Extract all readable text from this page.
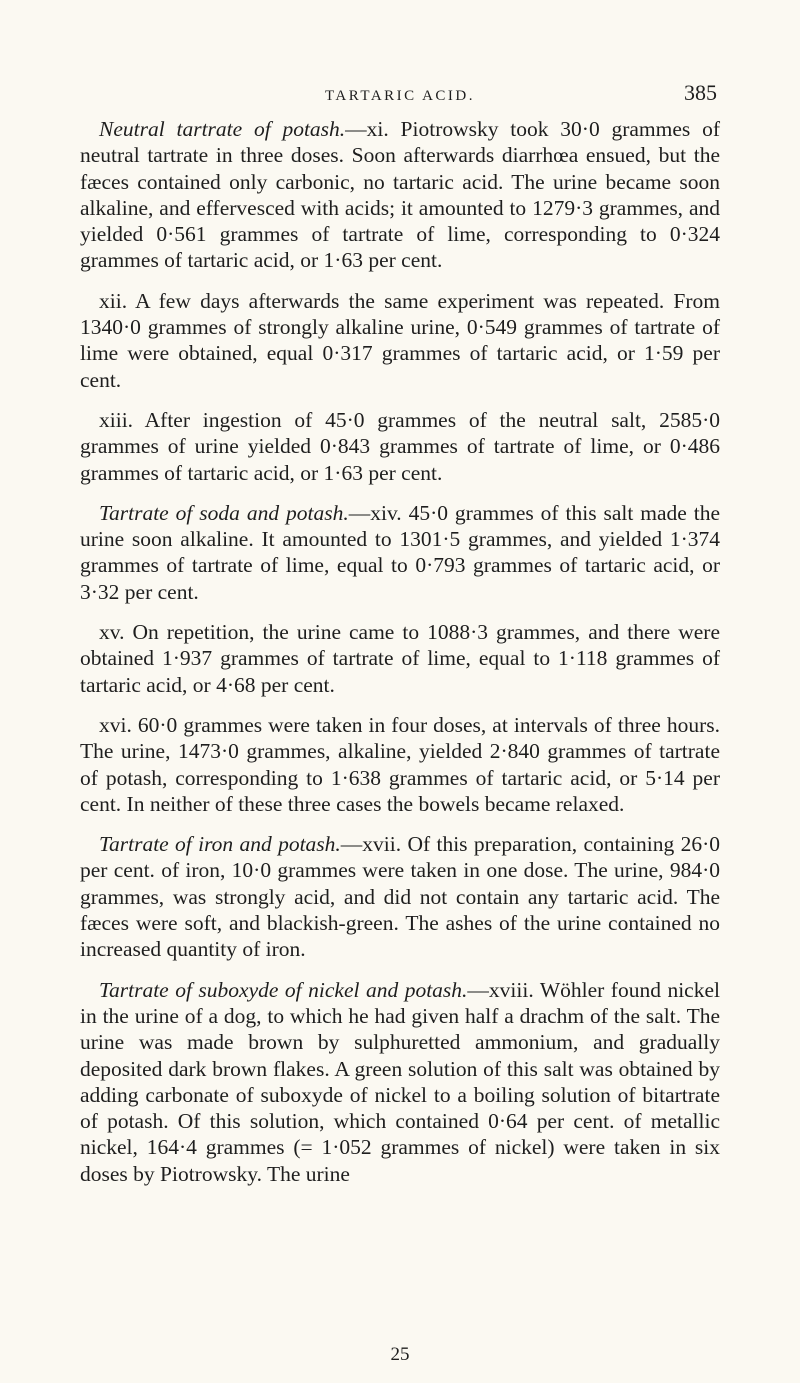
TARTARIC ACID.	385

Neutral tartrate of potash.—xi. Piotrowsky took 30·0 grammes of neutral tartrate in three doses. Soon afterwards diarrhœa ensued, but the fæces contained only carbonic, no tartaric acid. The urine became soon alkaline, and effervesced with acids; it amounted to 1279·3 grammes, and yielded 0·561 grammes of tartrate of lime, corresponding to 0·324 grammes of tartaric acid, or 1·63 per cent.

xii. A few days afterwards the same experiment was repeated. From 1340·0 grammes of strongly alkaline urine, 0·549 grammes of tartrate of lime were obtained, equal 0·317 grammes of tartaric acid, or 1·59 per cent.

xiii. After ingestion of 45·0 grammes of the neutral salt, 2585·0 grammes of urine yielded 0·843 grammes of tartrate of lime, or 0·486 grammes of tartaric acid, or 1·63 per cent.

Tartrate of soda and potash.—xiv. 45·0 grammes of this salt made the urine soon alkaline. It amounted to 1301·5 grammes, and yielded 1·374 grammes of tartrate of lime, equal to 0·793 grammes of tartaric acid, or 3·32 per cent.

xv. On repetition, the urine came to 1088·3 grammes, and there were obtained 1·937 grammes of tartrate of lime, equal to 1·118 grammes of tartaric acid, or 4·68 per cent.

xvi. 60·0 grammes were taken in four doses, at intervals of three hours. The urine, 1473·0 grammes, alkaline, yielded 2·840 grammes of tartrate of potash, corresponding to 1·638 grammes of tartaric acid, or 5·14 per cent. In neither of these three cases the bowels became relaxed.

Tartrate of iron and potash.—xvii. Of this preparation, containing 26·0 per cent. of iron, 10·0 grammes were taken in one dose. The urine, 984·0 grammes, was strongly acid, and did not contain any tartaric acid. The fæces were soft, and blackish-green. The ashes of the urine contained no increased quantity of iron.

Tartrate of suboxyde of nickel and potash.—xviii. Wöhler found nickel in the urine of a dog, to which he had given half a drachm of the salt. The urine was made brown by sulphuretted ammonium, and gradually deposited dark brown flakes. A green solution of this salt was obtained by adding carbonate of suboxyde of nickel to a boiling solution of bitartrate of potash. Of this solution, which contained 0·64 per cent. of metallic nickel, 164·4 grammes (= 1·052 grammes of nickel) were taken in six doses by Piotrowsky. The urine

25
